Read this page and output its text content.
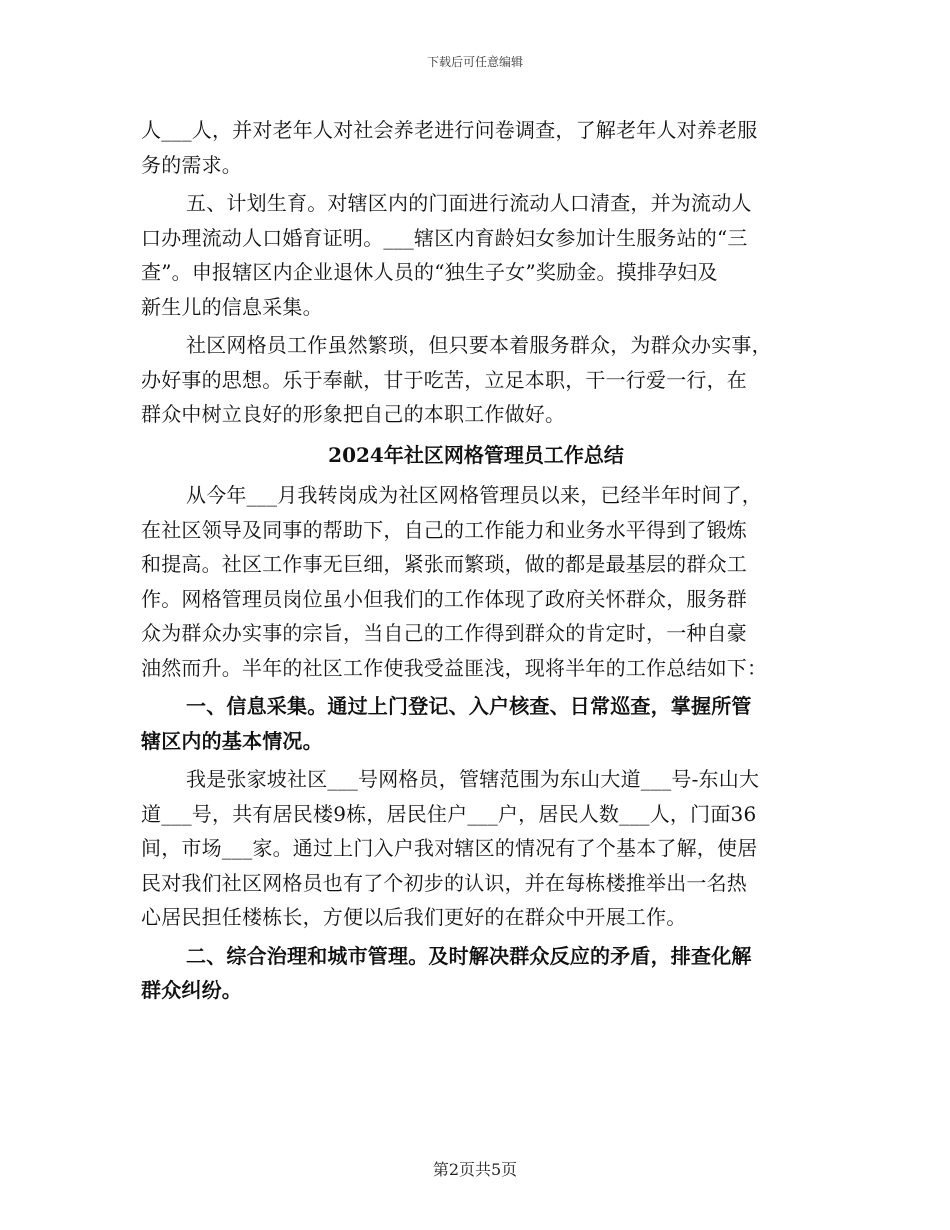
下载后可任意编辑
人___人，并对老年人对社会养老进行问卷调查，了解老年人对养老服
务的需求。
五、计划生育。对辖区内的门面进行流动人口清查，并为流动人
口办理流动人口婚育证明。___辖区内育龄妇女参加计生服务站的“三
查”。申报辖区内企业退休人员的“独生子女”奖励金。摸排孕妇及
新生儿的信息采集。
社区网格员工作虽然繁琐，但只要本着服务群众，为群众办实事，
办好事的思想。乐于奉献，甘于吃苦，立足本职，干一行爱一行，在
群众中树立良好的形象把自己的本职工作做好。
2024年社区网格管理员工作总结
从今年___月我转岗成为社区网格管理员以来，已经半年时间了，
在社区领导及同事的帮助下，自己的工作能力和业务水平得到了锻炼
和提高。社区工作事无巨细，紧张而繁琐，做的都是最基层的群众工
作。网格管理员岗位虽小但我们的工作体现了政府关怀群众，服务群
众为群众办实事的宗旨，当自己的工作得到群众的肯定时，一种自豪
油然而升。半年的社区工作使我受益匪浅，现将半年的工作总结如下：
一、信息采集。通过上门登记、入户核查、日常巡查，掌握所管
辖区内的基本情况。
我是张家坡社区___号网格员，管辖范围为东山大道___号-东山大
道___号，共有居民楼9栋，居民住户___户，居民人数___人，门面36
间，市场___家。通过上门入户我对辖区的情况有了个基本了解，使居
民对我们社区网格员也有了个初步的认识，并在每栋楼推举出一名热
心居民担任楼栋长，方便以后我们更好的在群众中开展工作。
二、综合治理和城市管理。及时解决群众反应的矛盾，排查化解
群众纠纷。
第2页共5页
